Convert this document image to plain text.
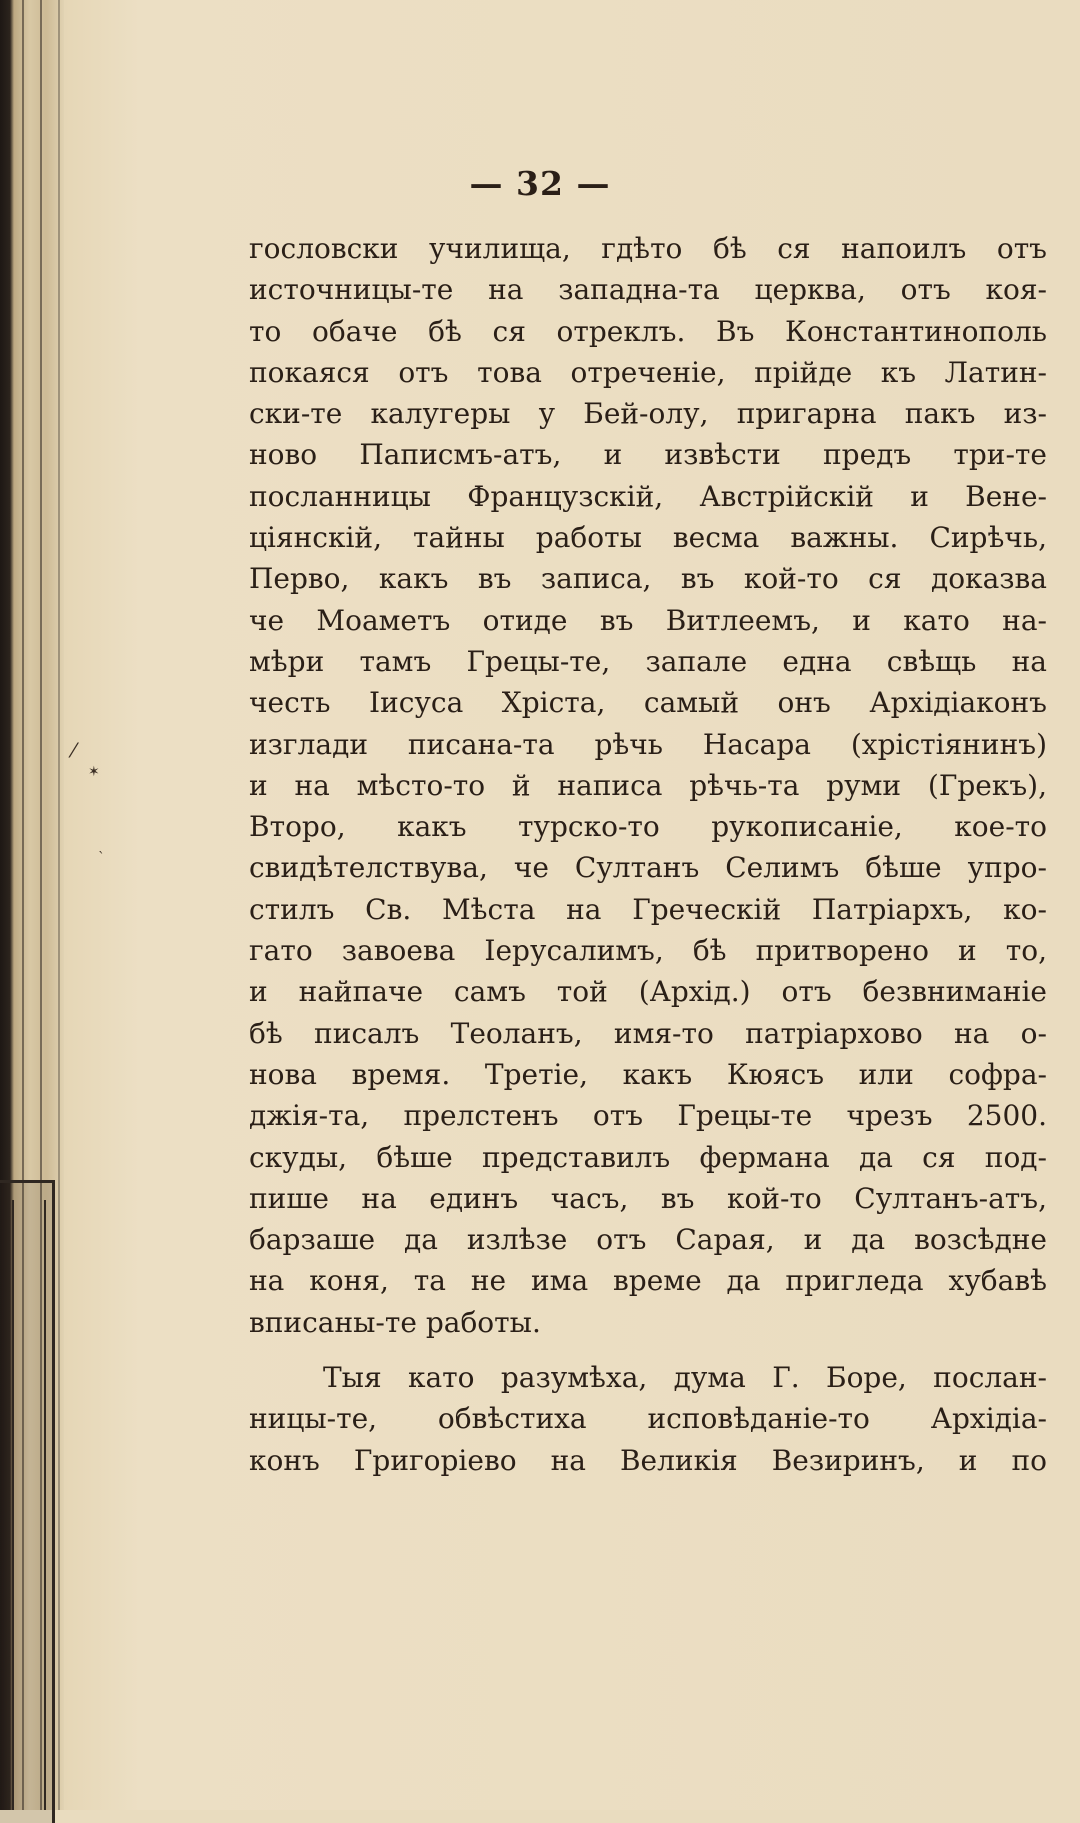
⁄
✶
ˋ
— 32 —
гословски училища, гдѣто бѣ ся напоилъ отъ
источницы-те на западна-та церква, отъ коя-
то обаче бѣ ся отреклъ. Въ Константинополь
покаяся отъ това отреченіе, прійде къ Латин-
ски-те калугеры у Бей-олу, пригарна пакъ из-
ново Паписмъ-атъ, и извѣсти предъ три-те
посланницы Французскій, Австрійскій и Вене-
ціянскій, тайны работы весма важны. Сирѣчь,
Перво, какъ въ записа, въ кой-то ся доказва
че Моаметъ отиде въ Витлеемъ, и като на-
мѣри тамъ Грецы-те, запале една свѣщь на
честь Іисуса Хріста, самый онъ Архідіаконъ
изглади писана-та рѣчь Насара (хрістіянинъ)
и на мѣсто-то й написа рѣчь-та руми (Грекъ),
Второ, какъ турско-то рукописаніе, кое-то
свидѣтелствува, че Султанъ Селимъ бѣше упро-
стилъ Св. Мѣста на Греческій Патріархъ, ко-
гато завоева Іерусалимъ, бѣ притворено и то,
и найпаче самъ той (Архід.) отъ безвниманіе
бѣ писалъ Теоланъ, имя-то патріархово на о-
нова время. Третіе, какъ Кюясъ или софра-
джія-та, прелстенъ отъ Грецы-те чрезъ 2500.
скуды, бѣше представилъ фермана да ся под-
пише на единъ часъ, въ кой-то Султанъ-атъ,
барзаше да излѣзе отъ Сарая, и да возсѣдне
на коня, та не има време да пригледа хубавѣ
вписаны-те работы.
Тыя като разумѣха, дума Г. Боре, послан-
ницы-те, обвѣстиха исповѣданіе-то Архідіа-
конъ Григоріево на Великія Везиринъ, и по
